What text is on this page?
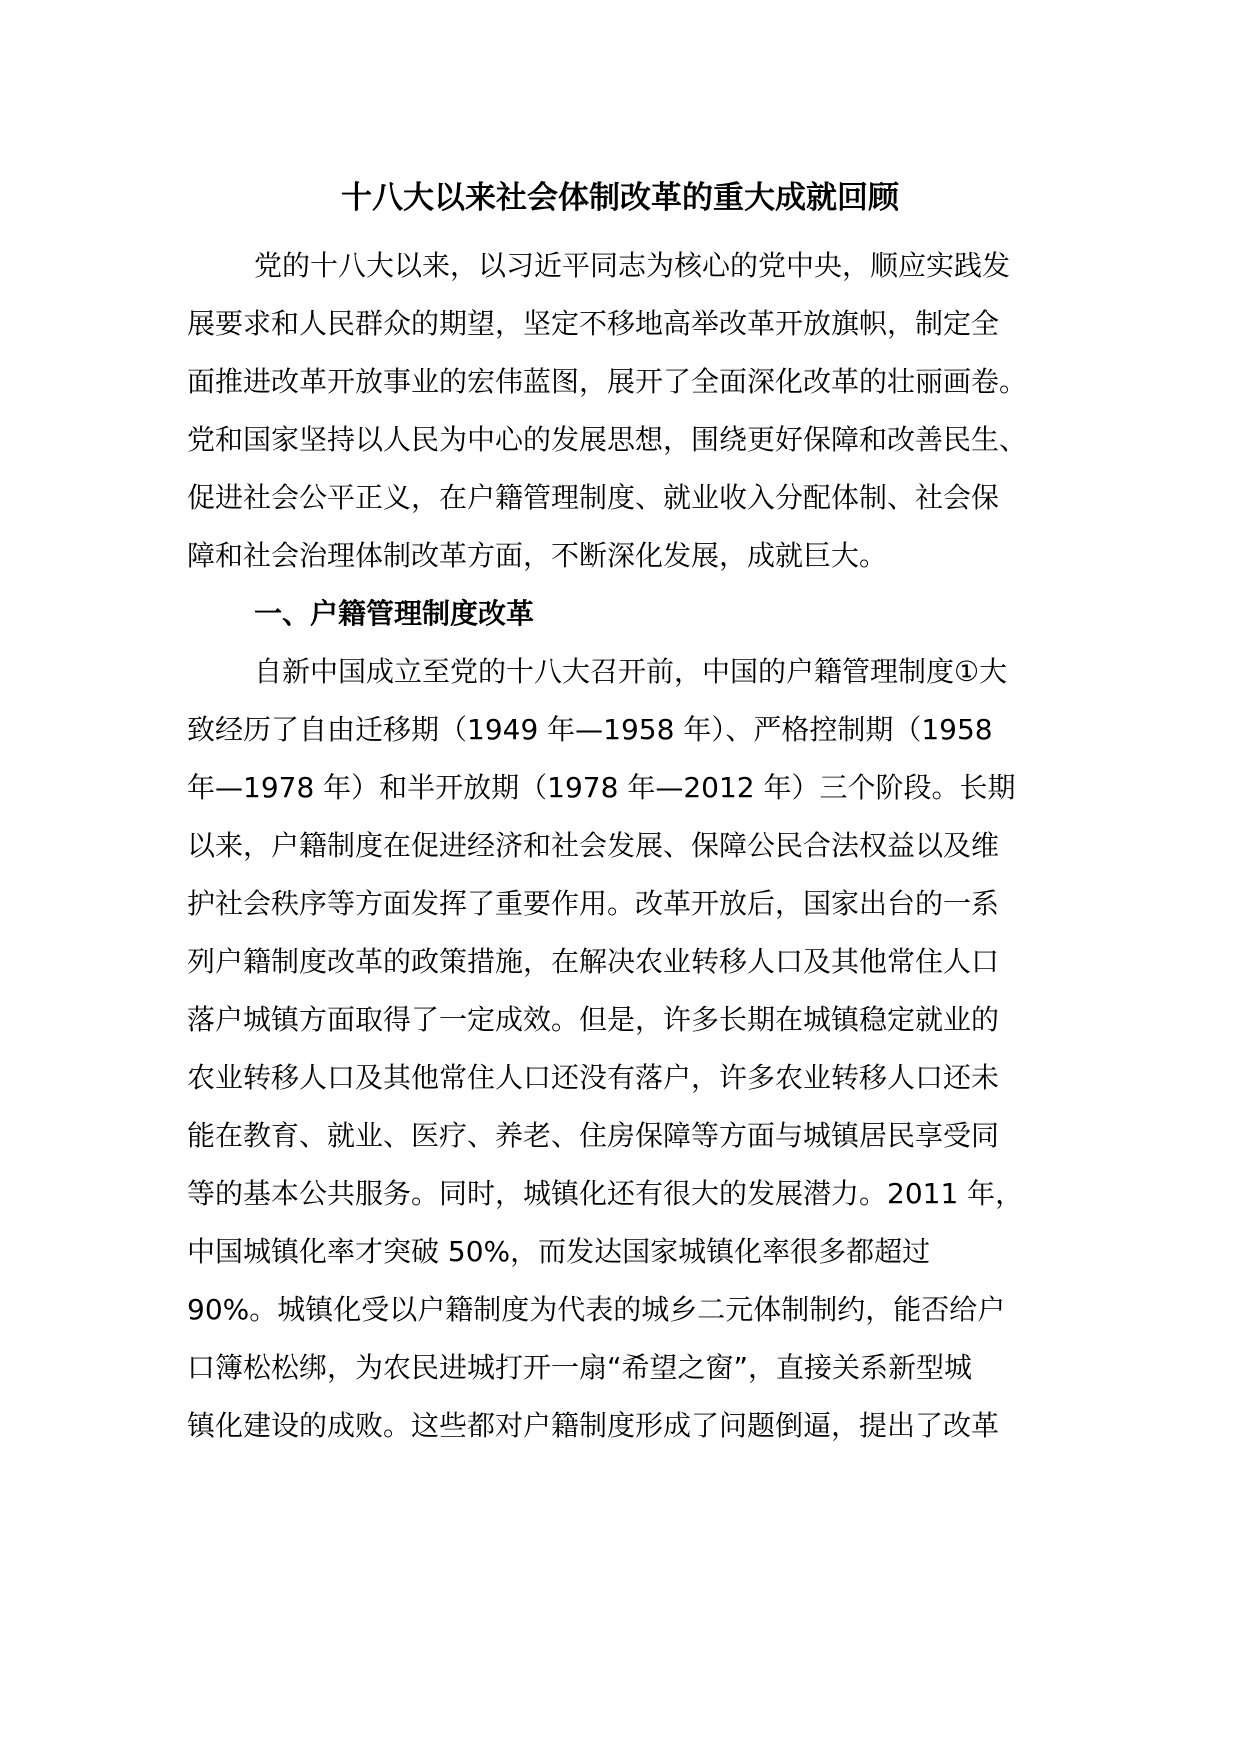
十八大以来社会体制改革的重大成就回顾
党的十八大以来，以习近平同志为核心的党中央，顺应实践发
展要求和人民群众的期望，坚定不移地高举改革开放旗帜，制定全
面推进改革开放事业的宏伟蓝图，展开了全面深化改革的壮丽画卷。
党和国家坚持以人民为中心的发展思想，围绕更好保障和改善民生、
促进社会公平正义，在户籍管理制度、就业收入分配体制、社会保
障和社会治理体制改革方面，不断深化发展，成就巨大。
一、户籍管理制度改革
自新中国成立至党的十八大召开前，中国的户籍管理制度①大
致经历了自由迁移期（1949 年—1958 年）、严格控制期（1958
年—1978 年）和半开放期（1978 年—2012 年）三个阶段。长期
以来，户籍制度在促进经济和社会发展、保障公民合法权益以及维
护社会秩序等方面发挥了重要作用。改革开放后，国家出台的一系
列户籍制度改革的政策措施，在解决农业转移人口及其他常住人口
落户城镇方面取得了一定成效。但是，许多长期在城镇稳定就业的
农业转移人口及其他常住人口还没有落户，许多农业转移人口还未
能在教育、就业、医疗、养老、住房保障等方面与城镇居民享受同
等的基本公共服务。同时，城镇化还有很大的发展潜力。2011 年，
中国城镇化率才突破 50%，而发达国家城镇化率很多都超过
90%。城镇化受以户籍制度为代表的城乡二元体制制约，能否给户
口簿松松绑，为农民进城打开一扇“希望之窗”，直接关系新型城
镇化建设的成败。这些都对户籍制度形成了问题倒逼，提出了改革
